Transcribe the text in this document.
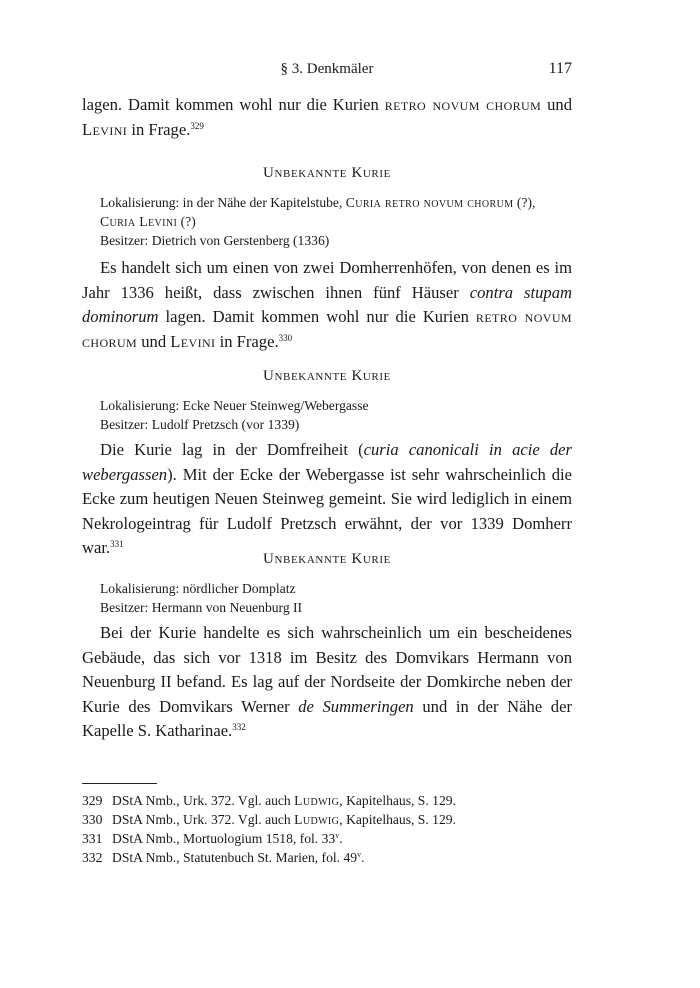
§ 3. Denkmäler	117
lagen. Damit kommen wohl nur die Kurien retro novum chorum und Levini in Frage.$^{329}$
Unbekannte Kurie
Lokalisierung: in der Nähe der Kapitelstube, Curia retro novum chorum (?),
Curia Levini (?)
Besitzer: Dietrich von Gerstenberg (1336)
Es handelt sich um einen von zwei Domherrenhöfen, von denen es im Jahr 1336 heißt, dass zwischen ihnen fünf Häuser contra stupam dominorum lagen. Damit kommen wohl nur die Kurien retro novum chorum und Levini in Frage.$^{330}$
Unbekannte Kurie
Lokalisierung: Ecke Neuer Steinweg/Webergasse
Besitzer: Ludolf Pretzsch (vor 1339)
Die Kurie lag in der Domfreiheit (curia canonicali in acie der webergassen). Mit der Ecke der Webergasse ist sehr wahrscheinlich die Ecke zum heutigen Neuen Steinweg gemeint. Sie wird lediglich in einem Nekrologeintrag für Ludolf Pretzsch erwähnt, der vor 1339 Domherr war.$^{331}$
Unbekannte Kurie
Lokalisierung: nördlicher Domplatz
Besitzer: Hermann von Neuenburg II
Bei der Kurie handelte es sich wahrscheinlich um ein bescheidenes Gebäude, das sich vor 1318 im Besitz des Domvikars Hermann von Neuenburg II befand. Es lag auf der Nordseite der Domkirche neben der Kurie des Domvikars Werner de Summeringen und in der Nähe der Kapelle S. Katharinae.$^{332}$
329 DStA Nmb., Urk. 372. Vgl. auch Ludwig, Kapitelhaus, S. 129.
330 DStA Nmb., Urk. 372. Vgl. auch Ludwig, Kapitelhaus, S. 129.
331 DStA Nmb., Mortuologium 1518, fol. 33$^v$.
332 DStA Nmb., Statutenbuch St. Marien, fol. 49$^v$.
